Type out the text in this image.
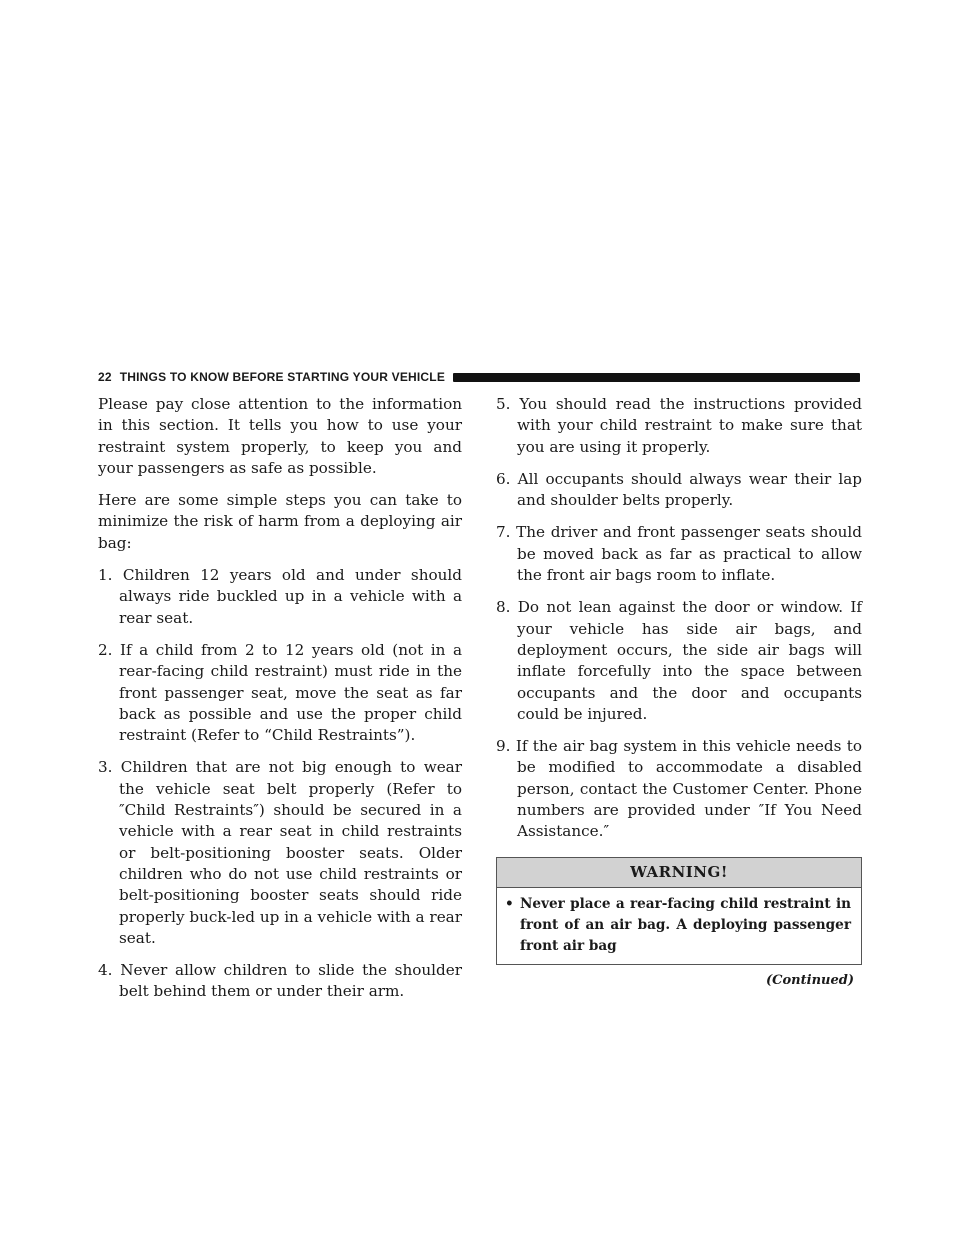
22 THINGS TO KNOW BEFORE STARTING YOUR VEHICLE

Please pay close attention to the information in this section. It tells you how to use your restraint system properly, to keep you and your passengers as safe as possible.

Here are some simple steps you can take to minimize the risk of harm from a deploying air bag:

1. Children 12 years old and under should always ride buckled up in a vehicle with a rear seat.
2. If a child from 2 to 12 years old (not in a rear-facing child restraint) must ride in the front passenger seat, move the seat as far back as possible and use the proper child restraint (Refer to “Child Restraints”).
3. Children that are not big enough to wear the vehicle seat belt properly (Refer to ″Child Restraints″) should be secured in a vehicle with a rear seat in child restraints or belt-positioning booster seats. Older children who do not use child restraints or belt-positioning booster seats should ride properly buck-led up in a vehicle with a rear seat.
4. Never allow children to slide the shoulder belt behind them or under their arm.
5. You should read the instructions provided with your child restraint to make sure that you are using it properly.
6. All occupants should always wear their lap and shoulder belts properly.
7. The driver and front passenger seats should be moved back as far as practical to allow the front air bags room to inflate.
8. Do not lean against the door or window. If your vehicle has side air bags, and deployment occurs, the side air bags will inflate forcefully into the space between occupants and the door and occupants could be injured.
9. If the air bag system in this vehicle needs to be modified to accommodate a disabled person, contact the Customer Center. Phone numbers are provided under ″If You Need Assistance.″
WARNING!
• Never place a rear-facing child restraint in front of an air bag. A deploying passenger front air bag
(Continued)
